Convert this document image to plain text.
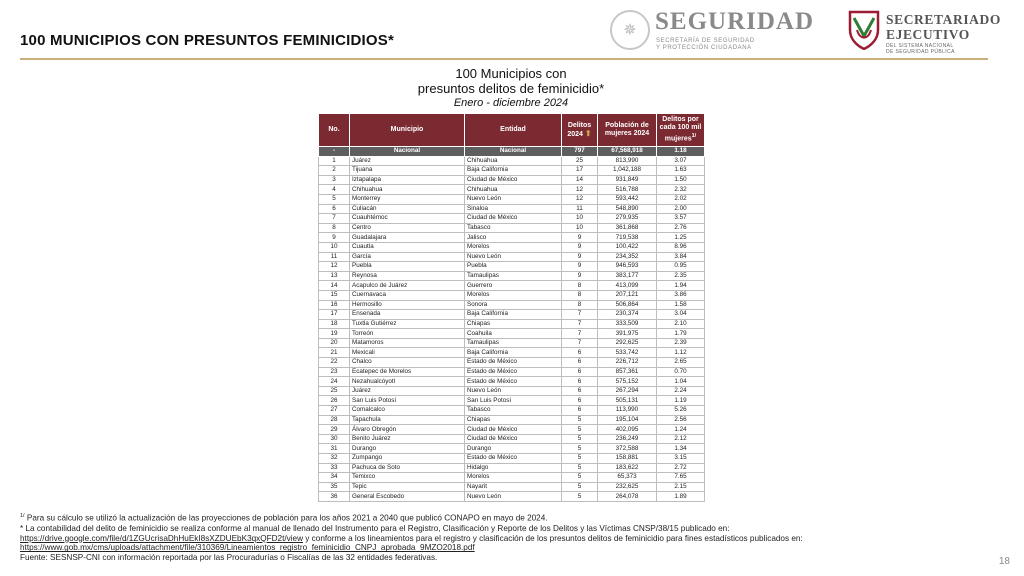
100 MUNICIPIOS CON PRESUNTOS FEMINICIDIOS*
✵ SEGURIDAD
SECRETARÍA DE SEGURIDAD
Y PROTECCIÓN CIUDADANA
SECRETARIADO
EJECUTIVO
DEL SISTEMA NACIONAL
DE SEGURIDAD PÚBLICA
100 Municipios con
presuntos delitos de feminicidio*
Enero - diciembre 2024
No.	Municipio	Entidad	Delitos 2024 ⬆	Población de mujeres 2024	Delitos por cada 100 mil mujeres$^{1/}$
-	Nacional	Nacional	797	67,568,918	1.18
1	Juárez	Chihuahua	25	813,990	3.07
2	Tijuana	Baja California	17	1,042,188	1.63
3	Iztapalapa	Ciudad de México	14	931,849	1.50
4	Chihuahua	Chihuahua	12	516,788	2.32
5	Monterrey	Nuevo León	12	593,442	2.02
6	Culiacán	Sinaloa	11	548,890	2.00
7	Cuauhtémoc	Ciudad de México	10	279,935	3.57
8	Centro	Tabasco	10	361,868	2.76
9	Guadalajara	Jalisco	9	719,538	1.25
10	Cuautla	Morelos	9	100,422	8.96
11	García	Nuevo León	9	234,352	3.84
12	Puebla	Puebla	9	946,593	0.95
13	Reynosa	Tamaulipas	9	383,177	2.35
14	Acapulco de Juárez	Guerrero	8	413,099	1.94
15	Cuernavaca	Morelos	8	207,121	3.86
16	Hermosillo	Sonora	8	506,864	1.58
17	Ensenada	Baja California	7	230,374	3.04
18	Tuxtla Gutiérrez	Chiapas	7	333,509	2.10
19	Torreón	Coahuila	7	391,975	1.79
20	Matamoros	Tamaulipas	7	292,625	2.39
21	Mexicali	Baja California	6	533,742	1.12
22	Chalco	Estado de México	6	226,712	2.65
23	Ecatepec de Morelos	Estado de México	6	857,361	0.70
24	Nezahualcóyotl	Estado de México	6	575,152	1.04
25	Juárez	Nuevo León	6	267,294	2.24
26	San Luis Potosí	San Luis Potosí	6	505,131	1.19
27	Comalcalco	Tabasco	6	113,990	5.26
28	Tapachula	Chiapas	5	195,104	2.56
29	Álvaro Obregón	Ciudad de México	5	402,095	1.24
30	Benito Juárez	Ciudad de México	5	236,249	2.12
31	Durango	Durango	5	372,588	1.34
32	Zumpango	Estado de México	5	158,881	3.15
33	Pachuca de Soto	Hidalgo	5	183,622	2.72
34	Temixco	Morelos	5	65,373	7.65
35	Tepic	Nayarit	5	232,625	2.15
36	General Escobedo	Nuevo León	5	264,078	1.89
$^{1/}$ Para su cálculo se utilizó la actualización de las proyecciones de población para los años 2021 a 2040 que publicó CONAPO en mayo de 2024.
* La contabilidad del delito de feminicidio se realiza conforme al manual de llenado del Instrumento para el Registro, Clasificación y Reporte de los Delitos y las Víctimas CNSP/38/15 publicado en:
https://drive.google.com/file/d/1ZGUcrisaDhHuEkI8sXZDUEbK3qxQFD2t/view y conforme a los lineamientos para el registro y clasificación de los presuntos delitos de feminicidio para fines estadísticos publicados en:
https://www.gob.mx/cms/uploads/attachment/file/310369/Lineamientos_registro_feminicidio_CNPJ_aprobada_9MZO2018.pdf
Fuente: SESNSP-CNI con información reportada por las Procuradurías o Fiscalías de las 32 entidades federativas.	18
